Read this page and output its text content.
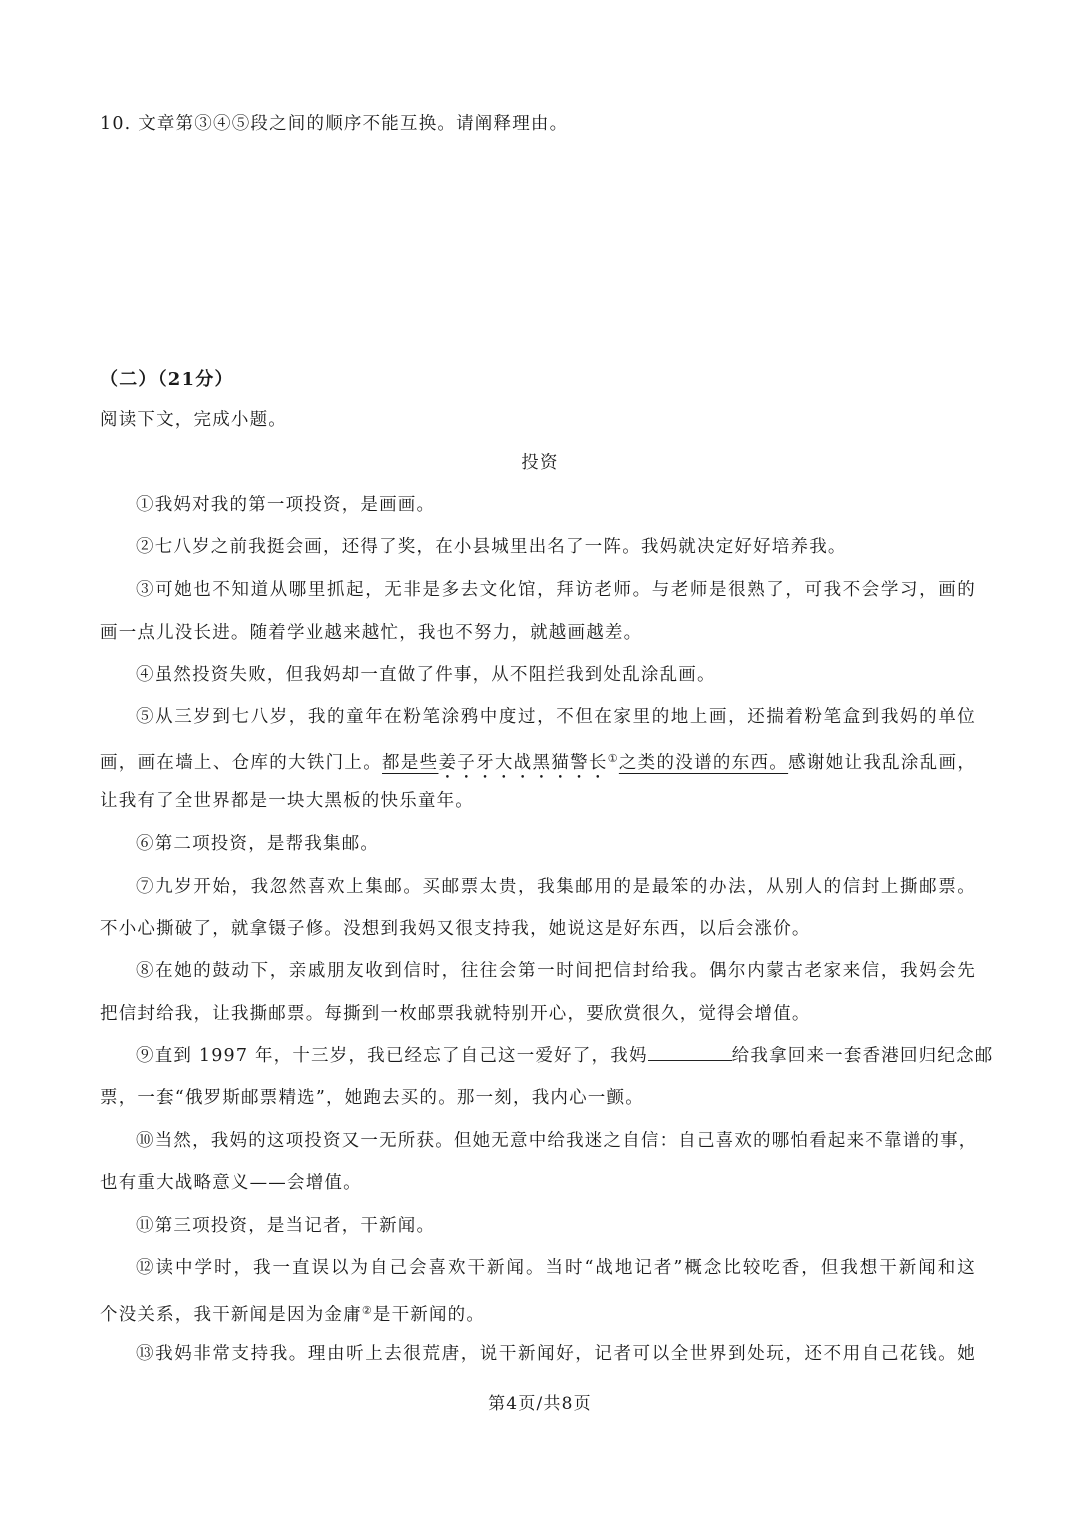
10. 文章第③④⑤段之间的顺序不能互换。请阐释理由。
（二）（21分）
阅读下文，完成小题。
投资
①我妈对我的第一项投资，是画画。
②七八岁之前我挺会画，还得了奖，在小县城里出名了一阵。我妈就决定好好培养我。
③可她也不知道从哪里抓起，无非是多去文化馆，拜访老师。与老师是很熟了，可我不会学习，画的
画一点儿没长进。随着学业越来越忙，我也不努力，就越画越差。
④虽然投资失败，但我妈却一直做了件事，从不阻拦我到处乱涂乱画。
⑤从三岁到七八岁，我的童年在粉笔涂鸦中度过，不但在家里的地上画，还揣着粉笔盒到我妈的单位
画，画在墙上、仓库的大铁门上。都是些姜子牙大战黑猫警长①之类的没谱的东西。感谢她让我乱涂乱画，
让我有了全世界都是一块大黑板的快乐童年。
⑥第二项投资，是帮我集邮。
⑦九岁开始，我忽然喜欢上集邮。买邮票太贵，我集邮用的是最笨的办法，从别人的信封上撕邮票。
不小心撕破了，就拿镊子修。没想到我妈又很支持我，她说这是好东西，以后会涨价。
⑧在她的鼓动下，亲戚朋友收到信时，往往会第一时间把信封给我。偶尔内蒙古老家来信，我妈会先
把信封给我，让我撕邮票。每撕到一枚邮票我就特别开心，要欣赏很久，觉得会增值。
⑨直到 1997 年，十三岁，我已经忘了自己这一爱好了，我妈	给我拿回来一套香港回归纪念邮
票，一套“俄罗斯邮票精选”，她跑去买的。那一刻，我内心一颤。
⑩当然，我妈的这项投资又一无所获。但她无意中给我迷之自信：自己喜欢的哪怕看起来不靠谱的事，
也有重大战略意义——会增值。
⑪第三项投资，是当记者，干新闻。
⑫读中学时，我一直误以为自己会喜欢干新闻。当时“战地记者”概念比较吃香，但我想干新闻和这
个没关系，我干新闻是因为金庸②是干新闻的。
⑬我妈非常支持我。理由听上去很荒唐，说干新闻好，记者可以全世界到处玩，还不用自己花钱。她
第4页/共8页
